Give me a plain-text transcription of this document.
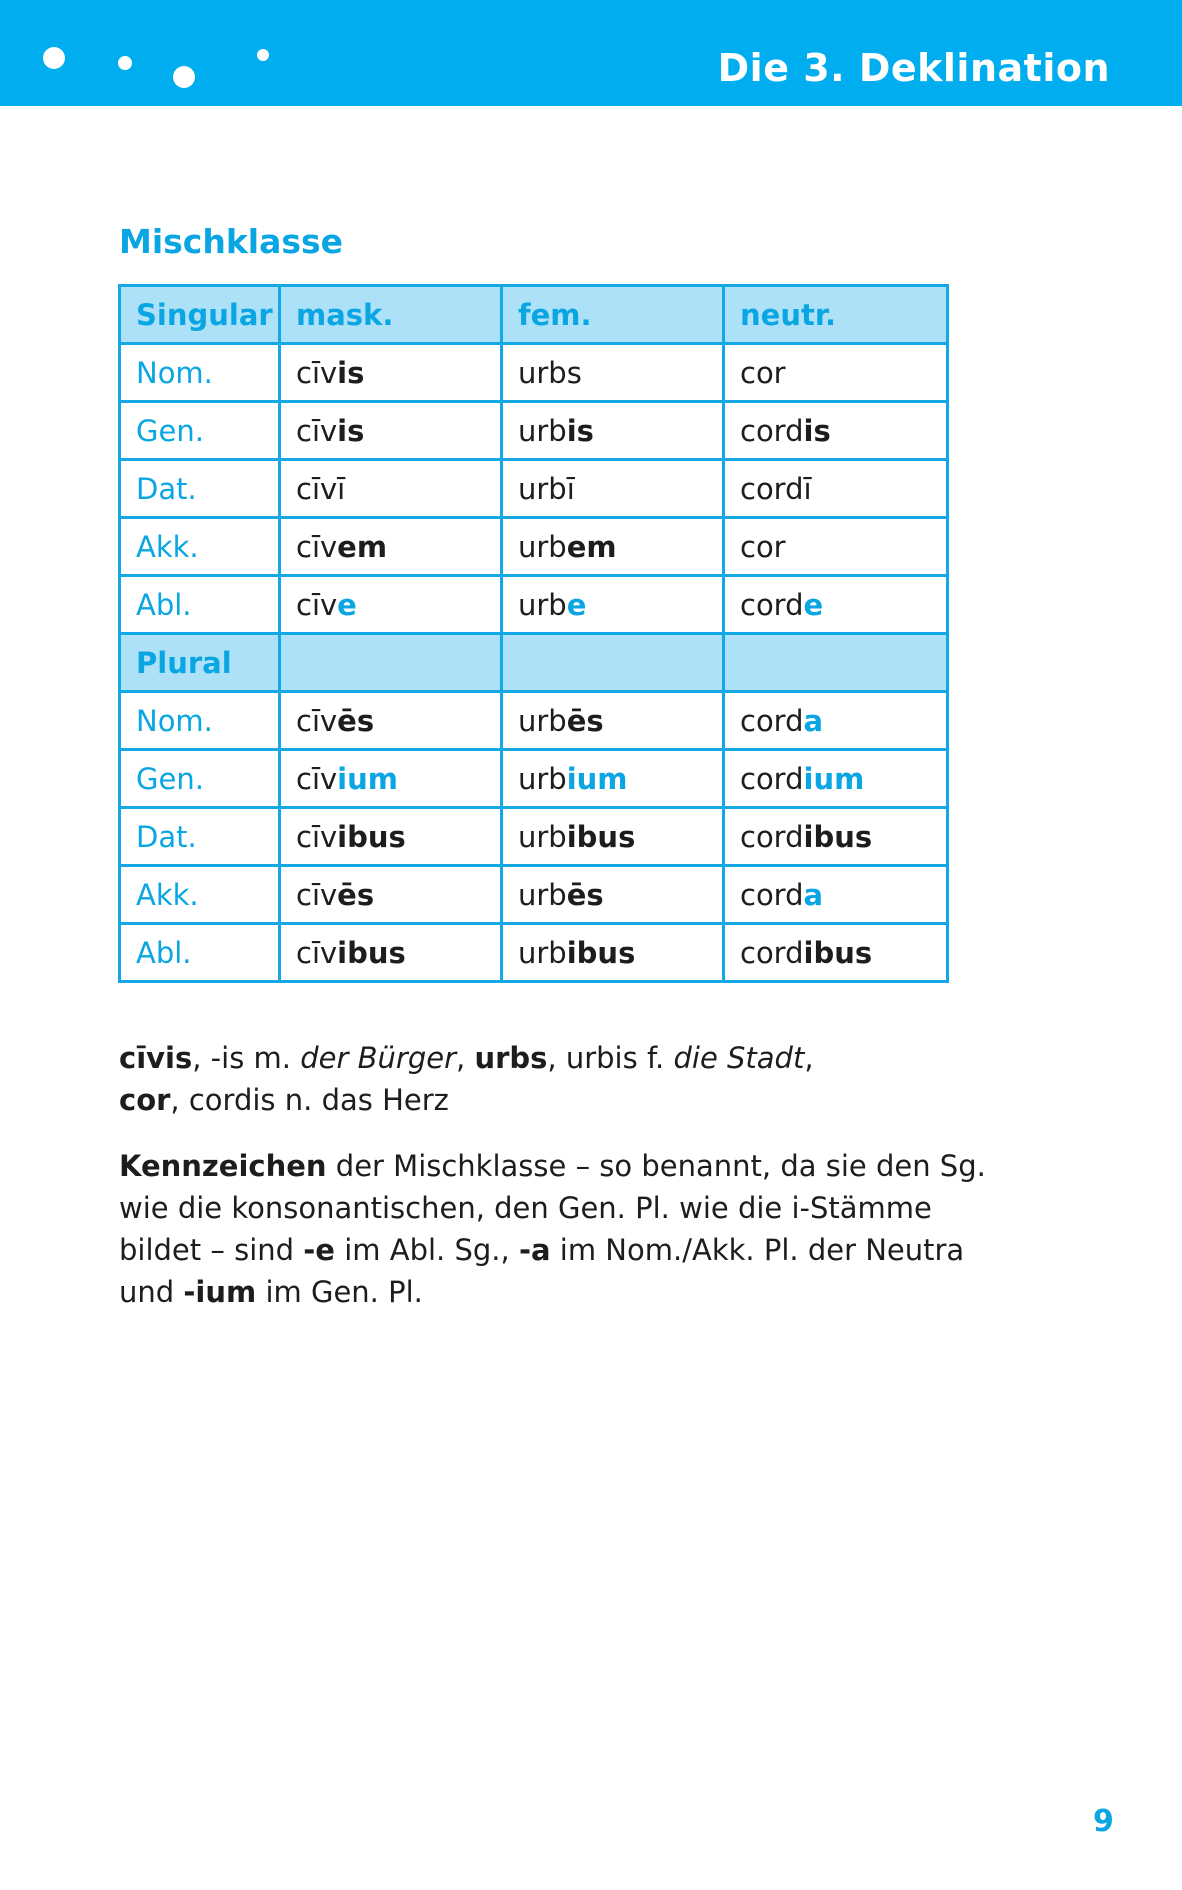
Die 3. Deklination
Mischklasse
Singular	mask.	fem.	neutr.
Nom.	cīvis	urbs	cor
Gen.	cīvis	urbis	cordis
Dat.	cīvī	urbī	cordī
Akk.	cīvem	urbem	cor
Abl.	cīve	urbe	corde
Plural			
Nom.	cīvēs	urbēs	corda
Gen.	cīvium	urbium	cordium
Dat.	cīvibus	urbibus	cordibus
Akk.	cīvēs	urbēs	corda
Abl.	cīvibus	urbibus	cordibus
cīvis, -is m. der Bürger, urbs, urbis f. die Stadt,
cor, cordis n. das Herz
Kennzeichen der Mischklasse – so benannt, da sie den Sg. wie die konsonantischen, den Gen. Pl. wie die i-Stämme bildet – sind -e im Abl. Sg., -a im Nom./Akk. Pl. der Neutra und -ium im Gen. Pl.
9
